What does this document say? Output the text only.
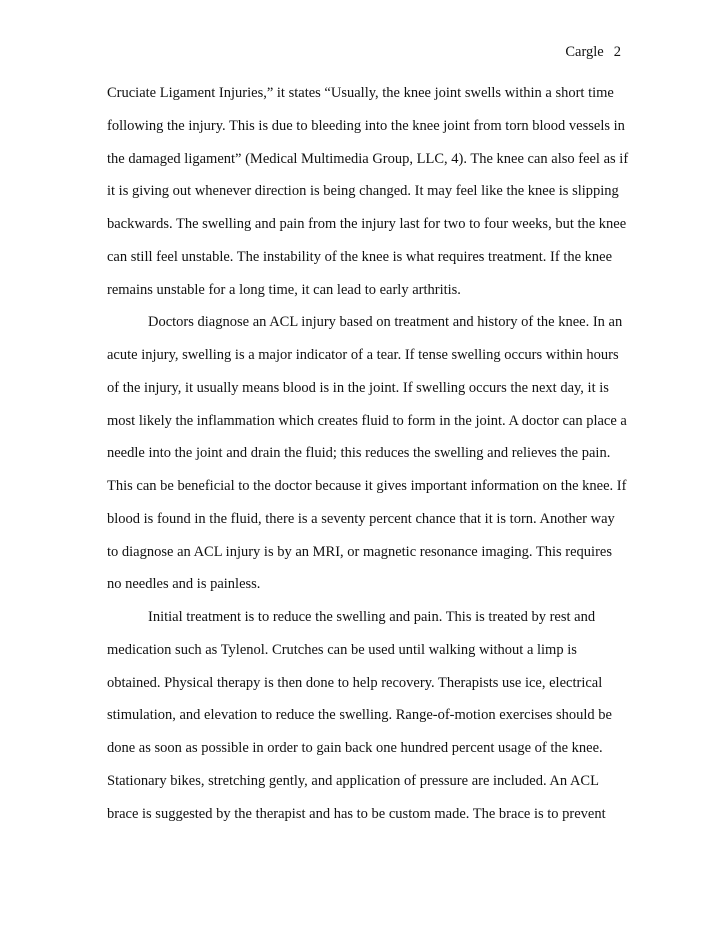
Cargle 2
Cruciate Ligament Injuries,” it states “Usually, the knee joint swells within a short time
following the injury. This is due to bleeding into the knee joint from torn blood vessels in
the damaged ligament” (Medical Multimedia Group, LLC, 4). The knee can also feel as if
it is giving out whenever direction is being changed. It may feel like the knee is slipping
backwards. The swelling and pain from the injury last for two to four weeks, but the knee
can still feel unstable. The instability of the knee is what requires treatment. If the knee
remains unstable for a long time, it can lead to early arthritis.
Doctors diagnose an ACL injury based on treatment and history of the knee. In an
acute injury, swelling is a major indicator of a tear. If tense swelling occurs within hours
of the injury, it usually means blood is in the joint. If swelling occurs the next day, it is
most likely the inflammation which creates fluid to form in the joint. A doctor can place a
needle into the joint and drain the fluid; this reduces the swelling and relieves the pain.
This can be beneficial to the doctor because it gives important information on the knee. If
blood is found in the fluid, there is a seventy percent chance that it is torn. Another way
to diagnose an ACL injury is by an MRI, or magnetic resonance imaging. This requires
no needles and is painless.
Initial treatment is to reduce the swelling and pain. This is treated by rest and
medication such as Tylenol. Crutches can be used until walking without a limp is
obtained. Physical therapy is then done to help recovery. Therapists use ice, electrical
stimulation, and elevation to reduce the swelling. Range-of-motion exercises should be
done as soon as possible in order to gain back one hundred percent usage of the knee.
Stationary bikes, stretching gently, and application of pressure are included. An ACL
brace is suggested by the therapist and has to be custom made. The brace is to prevent
